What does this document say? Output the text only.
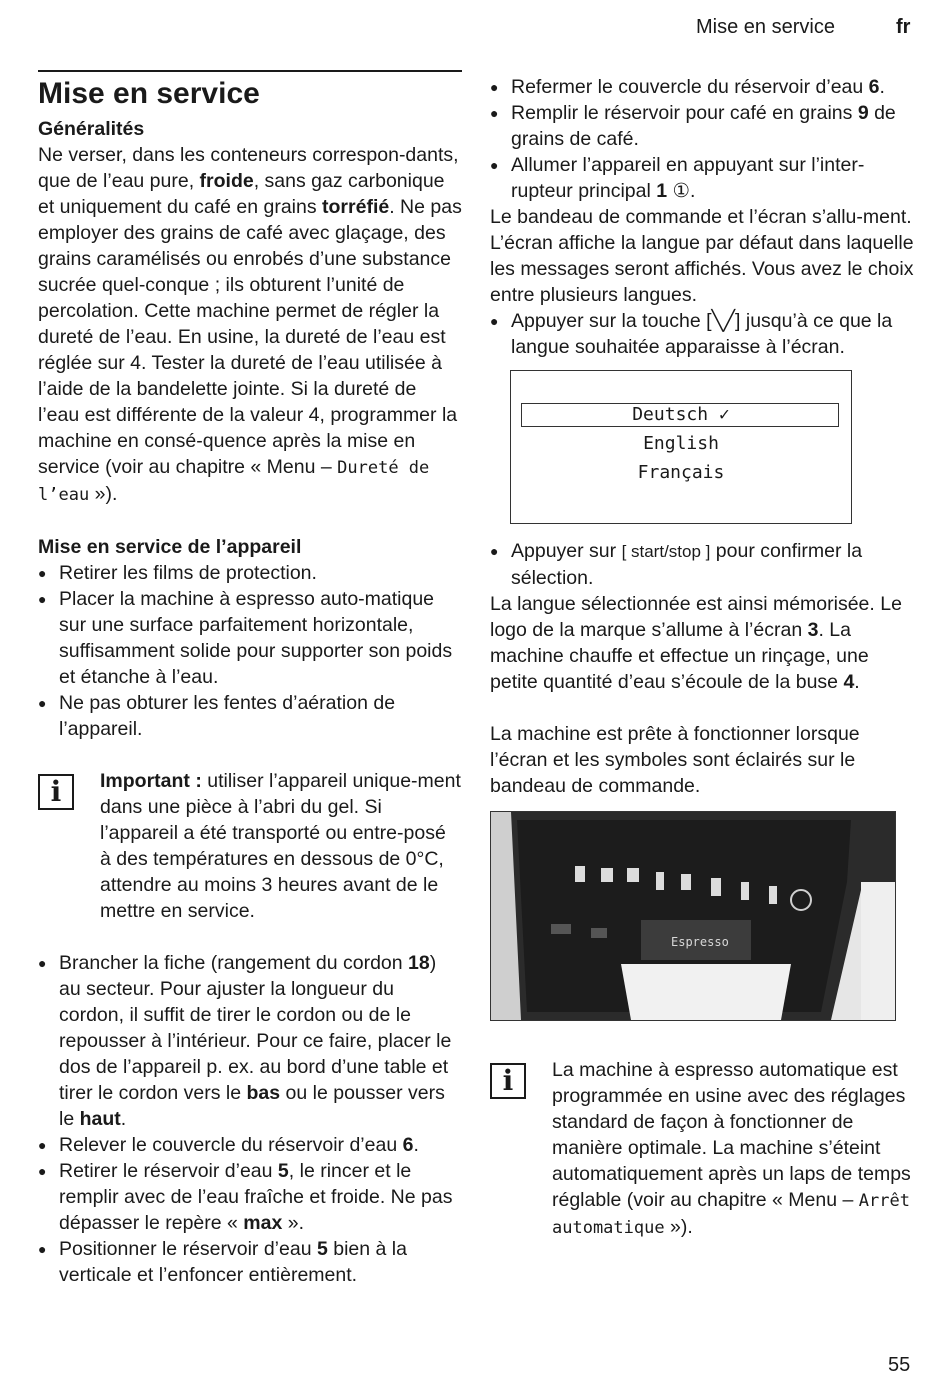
Mise en service	fr
Mise en service
Généralités

Ne verser, dans les conteneurs correspon-dants, que de l’eau pure, froide, sans gaz carbonique et uniquement du café en grains torréfié. Ne pas employer des grains de café avec glaçage, des grains caramélisés ou enrobés d’une substance sucrée quel-conque ; ils obturent l’unité de percolation. Cette machine permet de régler la dureté de l’eau. En usine, la dureté de l’eau est réglée sur 4. Tester la dureté de l’eau utilisée à l’aide de la bandelette jointe. Si la dureté de l’eau est différente de la valeur 4, programmer la machine en consé-quence après la mise en service (voir au chapitre « Menu – Dureté de l’eau »).

Mise en service de l’appareil
● Retirer les films de protection.
● Placer la machine à espresso auto-matique sur une surface parfaitement horizontale, suffisamment solide pour supporter son poids et étanche à l’eau.
● Ne pas obturer les fentes d’aération de l’appareil.
i	Important : utiliser l’appareil unique-ment dans une pièce à l’abri du gel. Si l’appareil a été transporté ou entre-posé à des températures en dessous de 0°C, attendre au moins 3 heures avant de le mettre en service.

● Brancher la fiche (rangement du cordon 18) au secteur. Pour ajuster la longueur du cordon, il suffit de tirer le cordon ou de le repousser à l’intérieur. Pour ce faire, placer le dos de l’appareil p. ex. au bord d’une table et tirer le cordon vers le bas ou le pousser vers le haut.
● Relever le couvercle du réservoir d’eau 6.
● Retirer le réservoir d’eau 5, le rincer et le remplir avec de l’eau fraîche et froide. Ne pas dépasser le repère « max ».
● Positionner le réservoir d’eau 5 bien à la verticale et l’enfoncer entièrement.
● Refermer le couvercle du réservoir d’eau 6.
● Remplir le réservoir pour café en grains 9 de grains de café.
● Allumer l’appareil en appuyant sur l’inter-rupteur principal 1 ①.

Le bandeau de commande et l’écran s’allu-ment. L’écran affiche la langue par défaut dans laquelle les messages seront affichés. Vous avez le choix entre plusieurs langues.

● Appuyer sur la touche [╲╱] jusqu’à ce que la langue souhaitée apparaisse à l’écran.
Deutsch ✓
English
Français
● Appuyer sur [ start/stop ] pour confirmer la sélection.

La langue sélectionnée est ainsi mémorisée. Le logo de la marque s’allume à l’écran 3. La machine chauffe et effectue un rinçage, une petite quantité d’eau s’écoule de la buse 4.

La machine est prête à fonctionner lorsque l’écran et les symboles sont éclairés sur le bandeau de commande.

Espresso
i	La machine à espresso automatique est programmée en usine avec des réglages standard de façon à fonctionner de manière optimale. La machine s’éteint automatiquement après un laps de temps réglable (voir au chapitre « Menu – Arrêt automatique »).

55
